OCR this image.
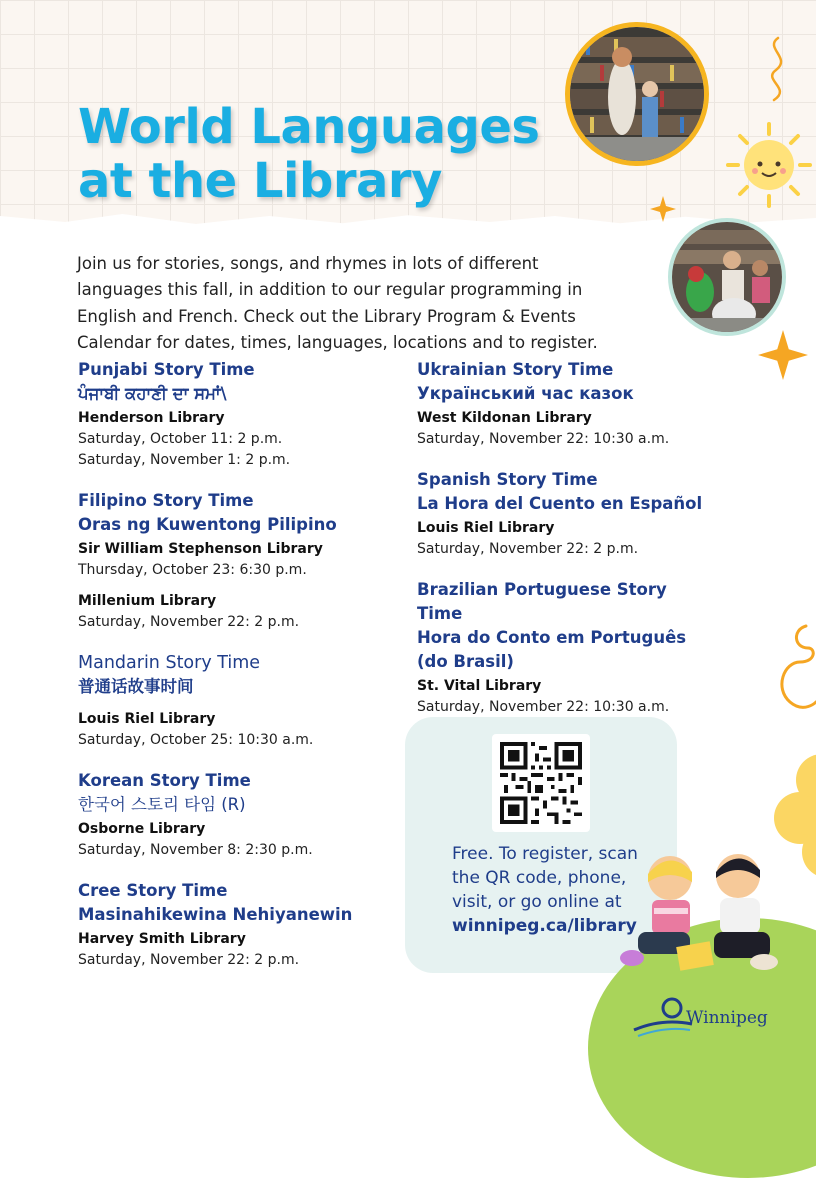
World Languages
at the Library

Join us for stories, songs, and rhymes in lots of different languages this fall, in addition to our regular programming in English and French. Check out the Library Program & Events Calendar for dates, times, languages, locations and to register.

Punjabi Story Time
ਪੰਜਾਬੀ ਕਹਾਣੀ ਦਾ ਸਮਾਂ\
Henderson Library
Saturday, October 11: 2 p.m.
Saturday, November 1: 2 p.m.
Filipino Story Time
Oras ng Kuwentong Pilipino
Sir William Stephenson Library
Thursday, October 23: 6:30 p.m.
Millenium Library
Saturday, November 22: 2 p.m.
Mandarin Story Time
普通话故事时间
Louis Riel Library
Saturday, October 25: 10:30 a.m.
Korean Story Time
한국어 스토리 타임 (R)
Osborne Library
Saturday, November 8: 2:30 p.m.
Cree Story Time
Masinahikewina Nehiyanewin
Harvey Smith Library
Saturday, November 22: 2 p.m.
Ukrainian Story Time
Український час казок
West Kildonan Library
Saturday, November 22: 10:30 a.m.
Spanish Story Time
La Hora del Cuento en Español
Louis Riel Library
Saturday, November 22: 2 p.m.
Brazilian Portuguese Story Time
Hora do Conto em Português (do Brasil)
St. Vital Library
Saturday, November 22: 10:30 a.m.
Free. To register, scan the QR code, phone, visit, or go online at
winnipeg.ca/library
Winnipeg
